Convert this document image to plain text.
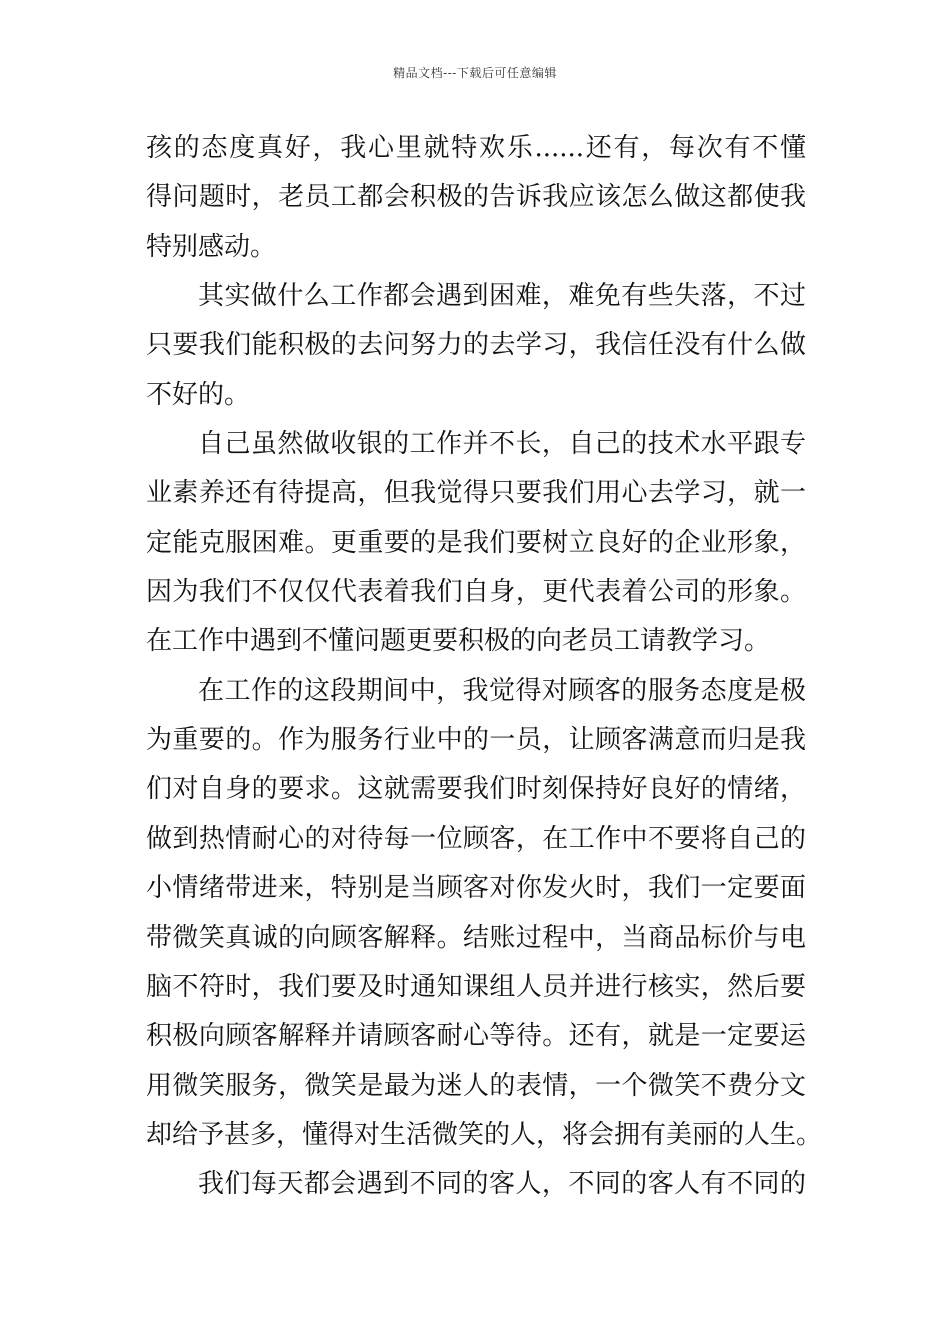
精品文档---下载后可任意编辑
孩的态度真好，我心里就特欢乐......还有，每次有不懂
得问题时，老员工都会积极的告诉我应该怎么做这都使我
特别感动。
其实做什么工作都会遇到困难，难免有些失落，不过
只要我们能积极的去问努力的去学习，我信任没有什么做
不好的。
自己虽然做收银的工作并不长，自己的技术水平跟专
业素养还有待提高，但我觉得只要我们用心去学习，就一
定能克服困难。更重要的是我们要树立良好的企业形象，
因为我们不仅仅代表着我们自身，更代表着公司的形象。
在工作中遇到不懂问题更要积极的向老员工请教学习。
在工作的这段期间中，我觉得对顾客的服务态度是极
为重要的。作为服务行业中的一员，让顾客满意而归是我
们对自身的要求。这就需要我们时刻保持好良好的情绪，
做到热情耐心的对待每一位顾客，在工作中不要将自己的
小情绪带进来，特别是当顾客对你发火时，我们一定要面
带微笑真诚的向顾客解释。结账过程中，当商品标价与电
脑不符时，我们要及时通知课组人员并进行核实，然后要
积极向顾客解释并请顾客耐心等待。还有，就是一定要运
用微笑服务，微笑是最为迷人的表情，一个微笑不费分文
却给予甚多，懂得对生活微笑的人，将会拥有美丽的人生。
我们每天都会遇到不同的客人，不同的客人有不同的
